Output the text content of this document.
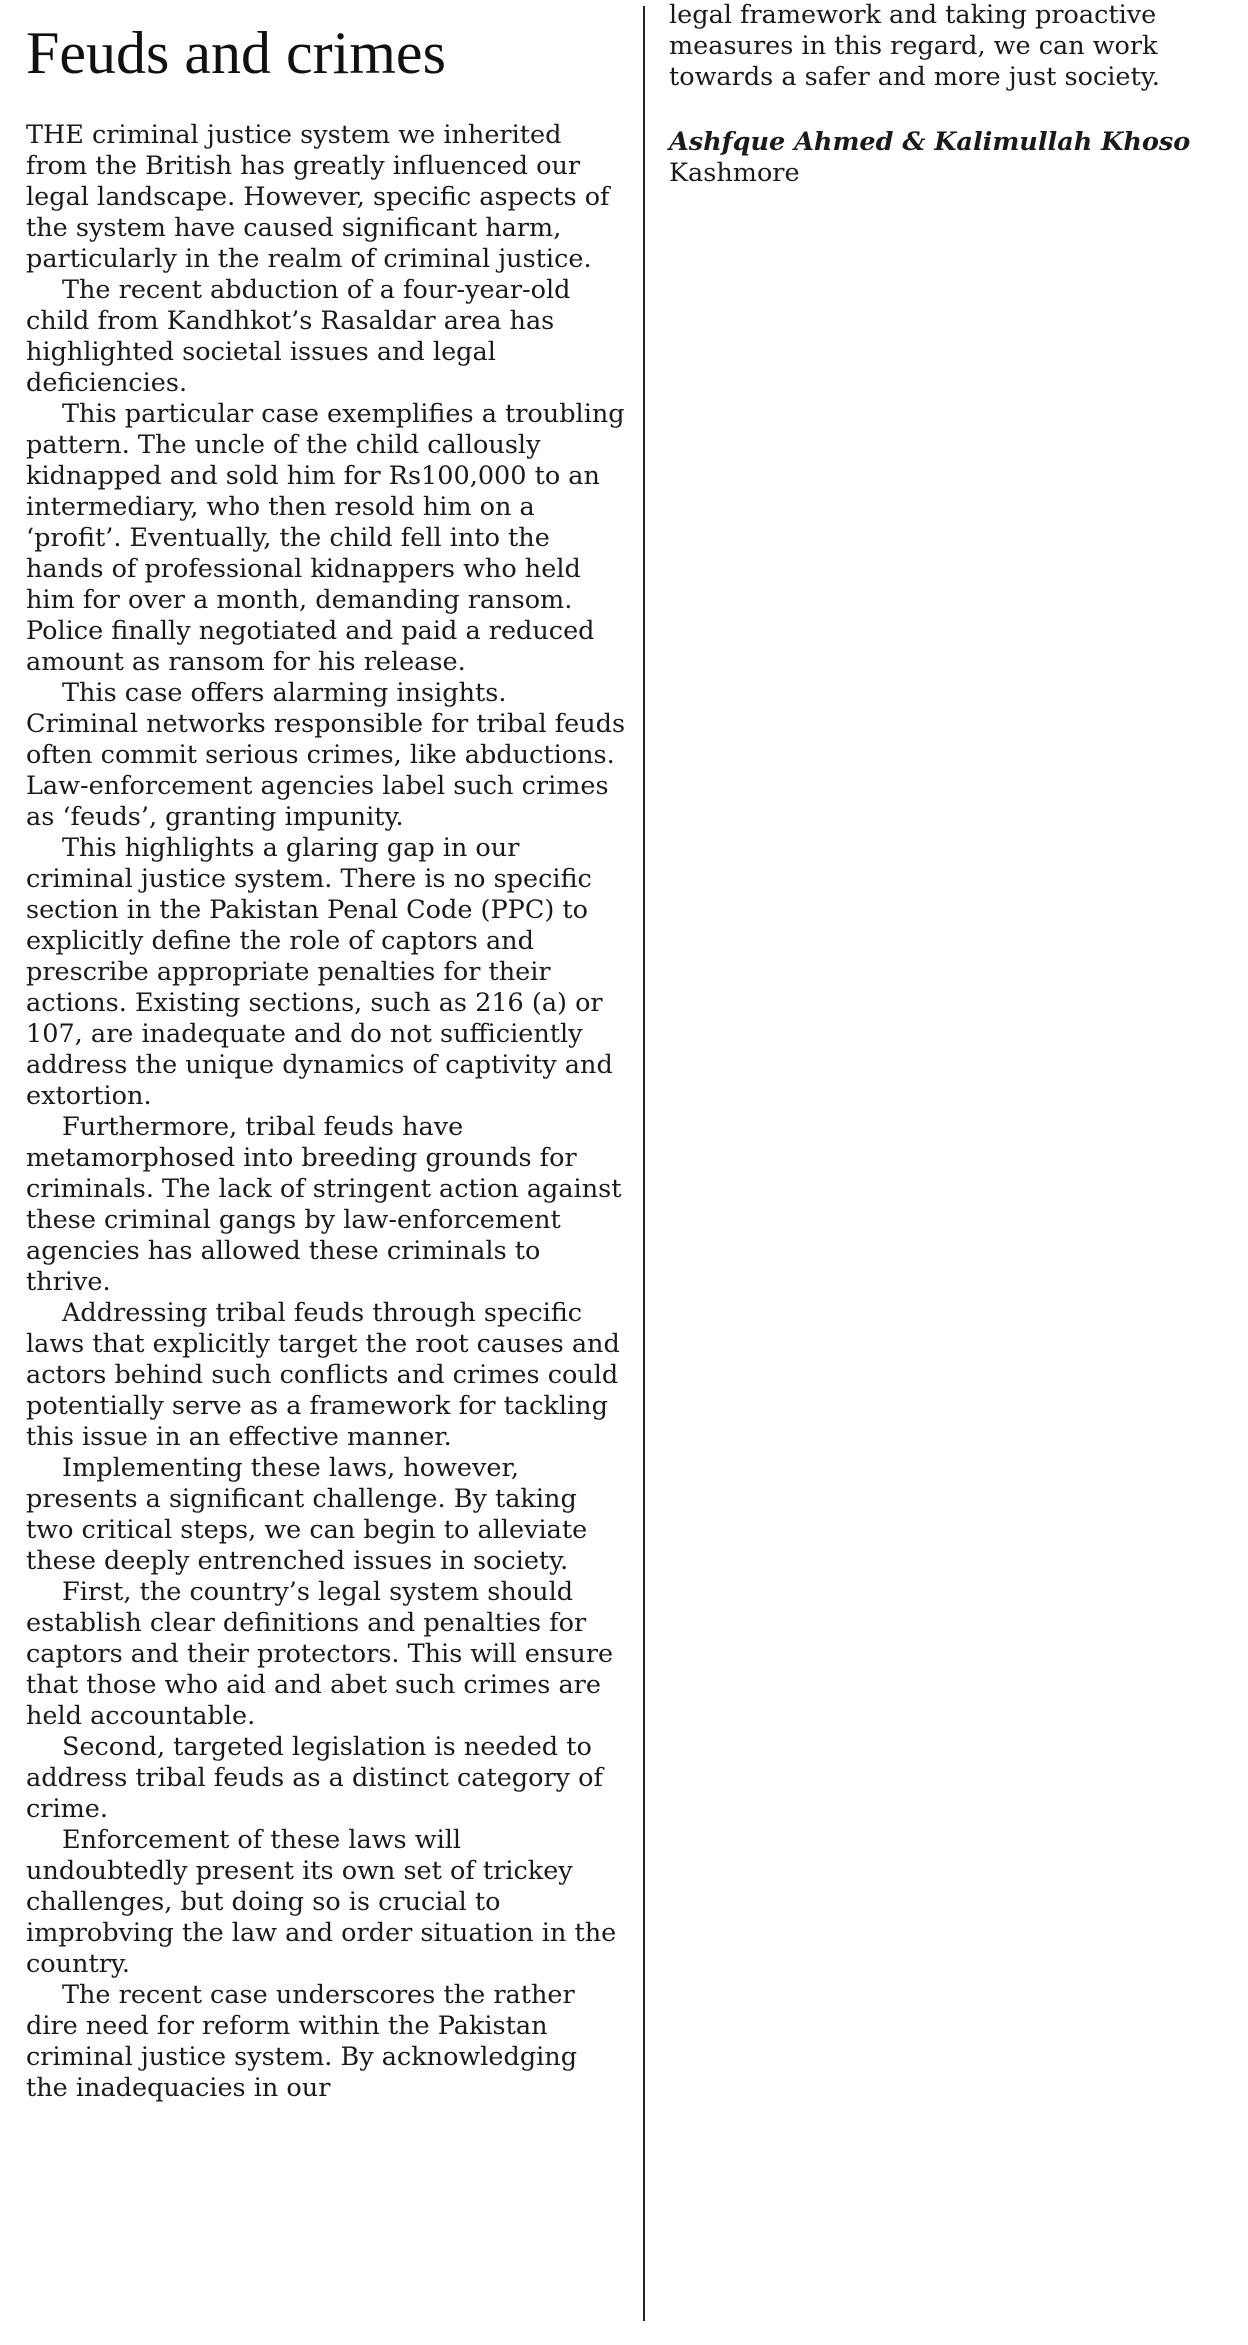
Feuds and crimes

THE criminal justice system we inherited from the British has greatly influenced our legal landscape. However, specific aspects of the system have caused significant harm, particularly in the realm of criminal justice.

The recent abduction of a four-year-old child from Kandhkot’s Rasaldar area has highlighted societal issues and legal deficiencies.

This particular case exemplifies a troubling pattern. The uncle of the child callously kidnapped and sold him for Rs100,000 to an intermediary, who then resold him on a ‘profit’. Eventually, the child fell into the hands of professional kidnappers who held him for over a month, demanding ransom. Police finally negotiated and paid a reduced amount as ransom for his release.

This case offers alarming insights. Criminal networks responsible for tribal feuds often commit serious crimes, like abductions. Law-enforcement agencies label such crimes as ‘feuds’, granting impunity.

This highlights a glaring gap in our criminal justice system. There is no specific section in the Pakistan Penal Code (PPC) to explicitly define the role of captors and prescribe appropriate penalties for their actions. Existing sections, such as 216 (a) or 107, are inadequate and do not sufficiently address the unique dynamics of captivity and extortion.

Furthermore, tribal feuds have metamorphosed into breeding grounds for criminals. The lack of stringent action against these criminal gangs by law-enforcement agencies has allowed these criminals to thrive.

Addressing tribal feuds through specific laws that explicitly target the root causes and actors behind such conflicts and crimes could potentially serve as a framework for tackling this issue in an effective manner.

Implementing these laws, however, presents a significant challenge. By taking two critical steps, we can begin to alleviate these deeply entrenched issues in society.

First, the country’s legal system should establish clear definitions and penalties for captors and their protectors. This will ensure that those who aid and abet such crimes are held accountable.

Second, targeted legislation is needed to address tribal feuds as a distinct category of crime.

Enforcement of these laws will undoubtedly present its own set of trickey challenges, but doing so is crucial to improbving the law and order situation in the country.

The recent case underscores the rather dire need for reform within the Pakistan criminal justice system. By acknowledging the inadequacies in our

legal framework and taking proactive measures in this regard, we can work towards a safer and more just society.

Ashfque Ahmed & Kalimullah Khoso
Kashmore
